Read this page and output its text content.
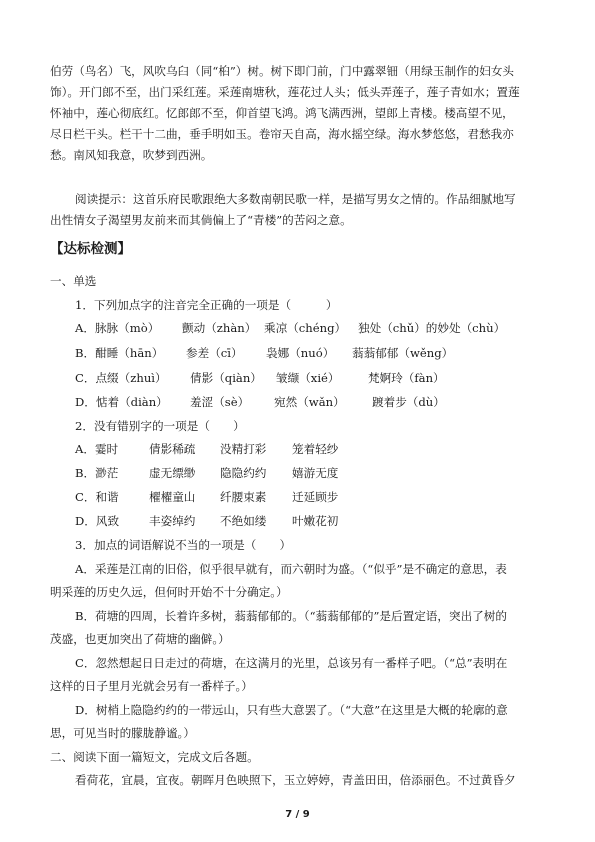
伯劳（鸟名）飞，风吹乌臼（同“桕”）树。树下即门前，门中露翠钿（用绿玉制作的妇女头
饰）。开门郎不至，出门采红莲。采莲南塘秋，莲花过人头；低头弄莲子，莲子青如水；置莲
怀袖中，莲心彻底红。忆郎郎不至，仰首望飞鸿。鸿飞满西洲，望郎上青楼。楼高望不见，
尽日栏干头。栏干十二曲，垂手明如玉。卷帘天自高，海水摇空绿。海水梦悠悠，君愁我亦
愁。南风知我意，吹梦到西洲。
阅读提示：这首乐府民歌跟绝大多数南朝民歌一样，是描写男女之情的。作品细腻地写
出性情女子渴望男友前来而其倘偏上了“青楼”的苦闷之意。
【达标检测】
一、单选
1．下列加点字的注音完全正确的一项是（　　　）
A．脉脉（mò） 颤动（zhàn） 乘凉（chéng） 独处（chǔ）的妙处（chù）
B．酣睡（hān） 参差（cī） 袅娜（nuó） 蓊蓊郁郁（wěng）
C．点缀（zhuì） 倩影（qiàn） 皱缬（xié） 梵婀玲（fàn）
D．惦着（diàn） 羞涩（sè） 宛然（wǎn） 踱着步（dù）
2．没有错别字的一项是（　　）
A．霎时	倩影稀疏 没精打彩 笼着轻纱
B．渺茫	虚无缥缈 隐隐约约 嬉游无度
C．和谐	櫂櫂童山 纤腰束素 迁延顾步
D．风致	丰姿绰约 不绝如缕 叶嫩花初
3．加点的词语解说不当的一项是（　　）
A．采莲是江南的旧俗，似乎很早就有，而六朝时为盛。（“似乎”是不确定的意思，表
明采莲的历史久远，但何时开始不十分确定。）
B．荷塘的四周，长着许多树，蓊蓊郁郁的。（“蓊蓊郁郁的”是后置定语，突出了树的
茂盛，也更加突出了荷塘的幽僻。）
C．忽然想起日日走过的荷塘，在这满月的光里，总该另有一番样子吧。（“总”表明在
这样的日子里月光就会另有一番样子。）
D．树梢上隐隐约约的一带远山，只有些大意罢了。（“大意”在这里是大概的轮廓的意
思，可见当时的朦胧静谧。）
二、阅读下面一篇短文，完成文后各题。
看荷花，宜晨，宜夜。朝晖月色映照下，玉立婷婷，青盖田田，倍添丽色。不过黄昏夕
7 / 9
